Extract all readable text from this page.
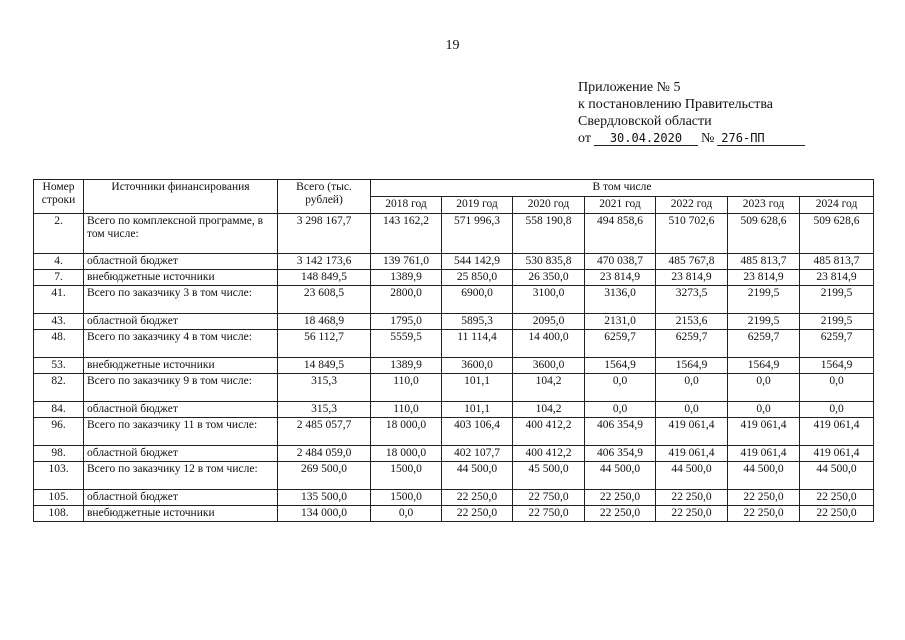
19
Приложение № 5
к постановлению Правительства
Свердловской области
от 30.04.2020 № 276-ПП
Номер строки	Источники финансирования	Всего (тыс. рублей)	В том числе						
			2018 год	2019 год	2020 год	2021 год	2022 год	2023 год	2024 год
2.	Всего по комплексной программе, в том числе:	3 298 167,7	143 162,2	571 996,3	558 190,8	494 858,6	510 702,6	509 628,6	509 628,6
4.	областной бюджет	3 142 173,6	139 761,0	544 142,9	530 835,8	470 038,7	485 767,8	485 813,7	485 813,7
7.	внебюджетные источники	148 849,5	1389,9	25 850,0	26 350,0	23 814,9	23 814,9	23 814,9	23 814,9
41.	Всего по заказчику 3 в том числе:	23 608,5	2800,0	6900,0	3100,0	3136,0	3273,5	2199,5	2199,5
43.	областной бюджет	18 468,9	1795,0	5895,3	2095,0	2131,0	2153,6	2199,5	2199,5
48.	Всего по заказчику 4 в том числе:	56 112,7	5559,5	11 114,4	14 400,0	6259,7	6259,7	6259,7	6259,7
53.	внебюджетные источники	14 849,5	1389,9	3600,0	3600,0	1564,9	1564,9	1564,9	1564,9
82.	Всего по заказчику 9 в том числе:	315,3	110,0	101,1	104,2	0,0	0,0	0,0	0,0
84.	областной бюджет	315,3	110,0	101,1	104,2	0,0	0,0	0,0	0,0
96.	Всего по заказчику 11 в том числе:	2 485 057,7	18 000,0	403 106,4	400 412,2	406 354,9	419 061,4	419 061,4	419 061,4
98.	областной бюджет	2 484 059,0	18 000,0	402 107,7	400 412,2	406 354,9	419 061,4	419 061,4	419 061,4
103.	Всего по заказчику 12 в том числе:	269 500,0	1500,0	44 500,0	45 500,0	44 500,0	44 500,0	44 500,0	44 500,0
105.	областной бюджет	135 500,0	1500,0	22 250,0	22 750,0	22 250,0	22 250,0	22 250,0	22 250,0
108.	внебюджетные источники	134 000,0	0,0	22 250,0	22 750,0	22 250,0	22 250,0	22 250,0	22 250,0
